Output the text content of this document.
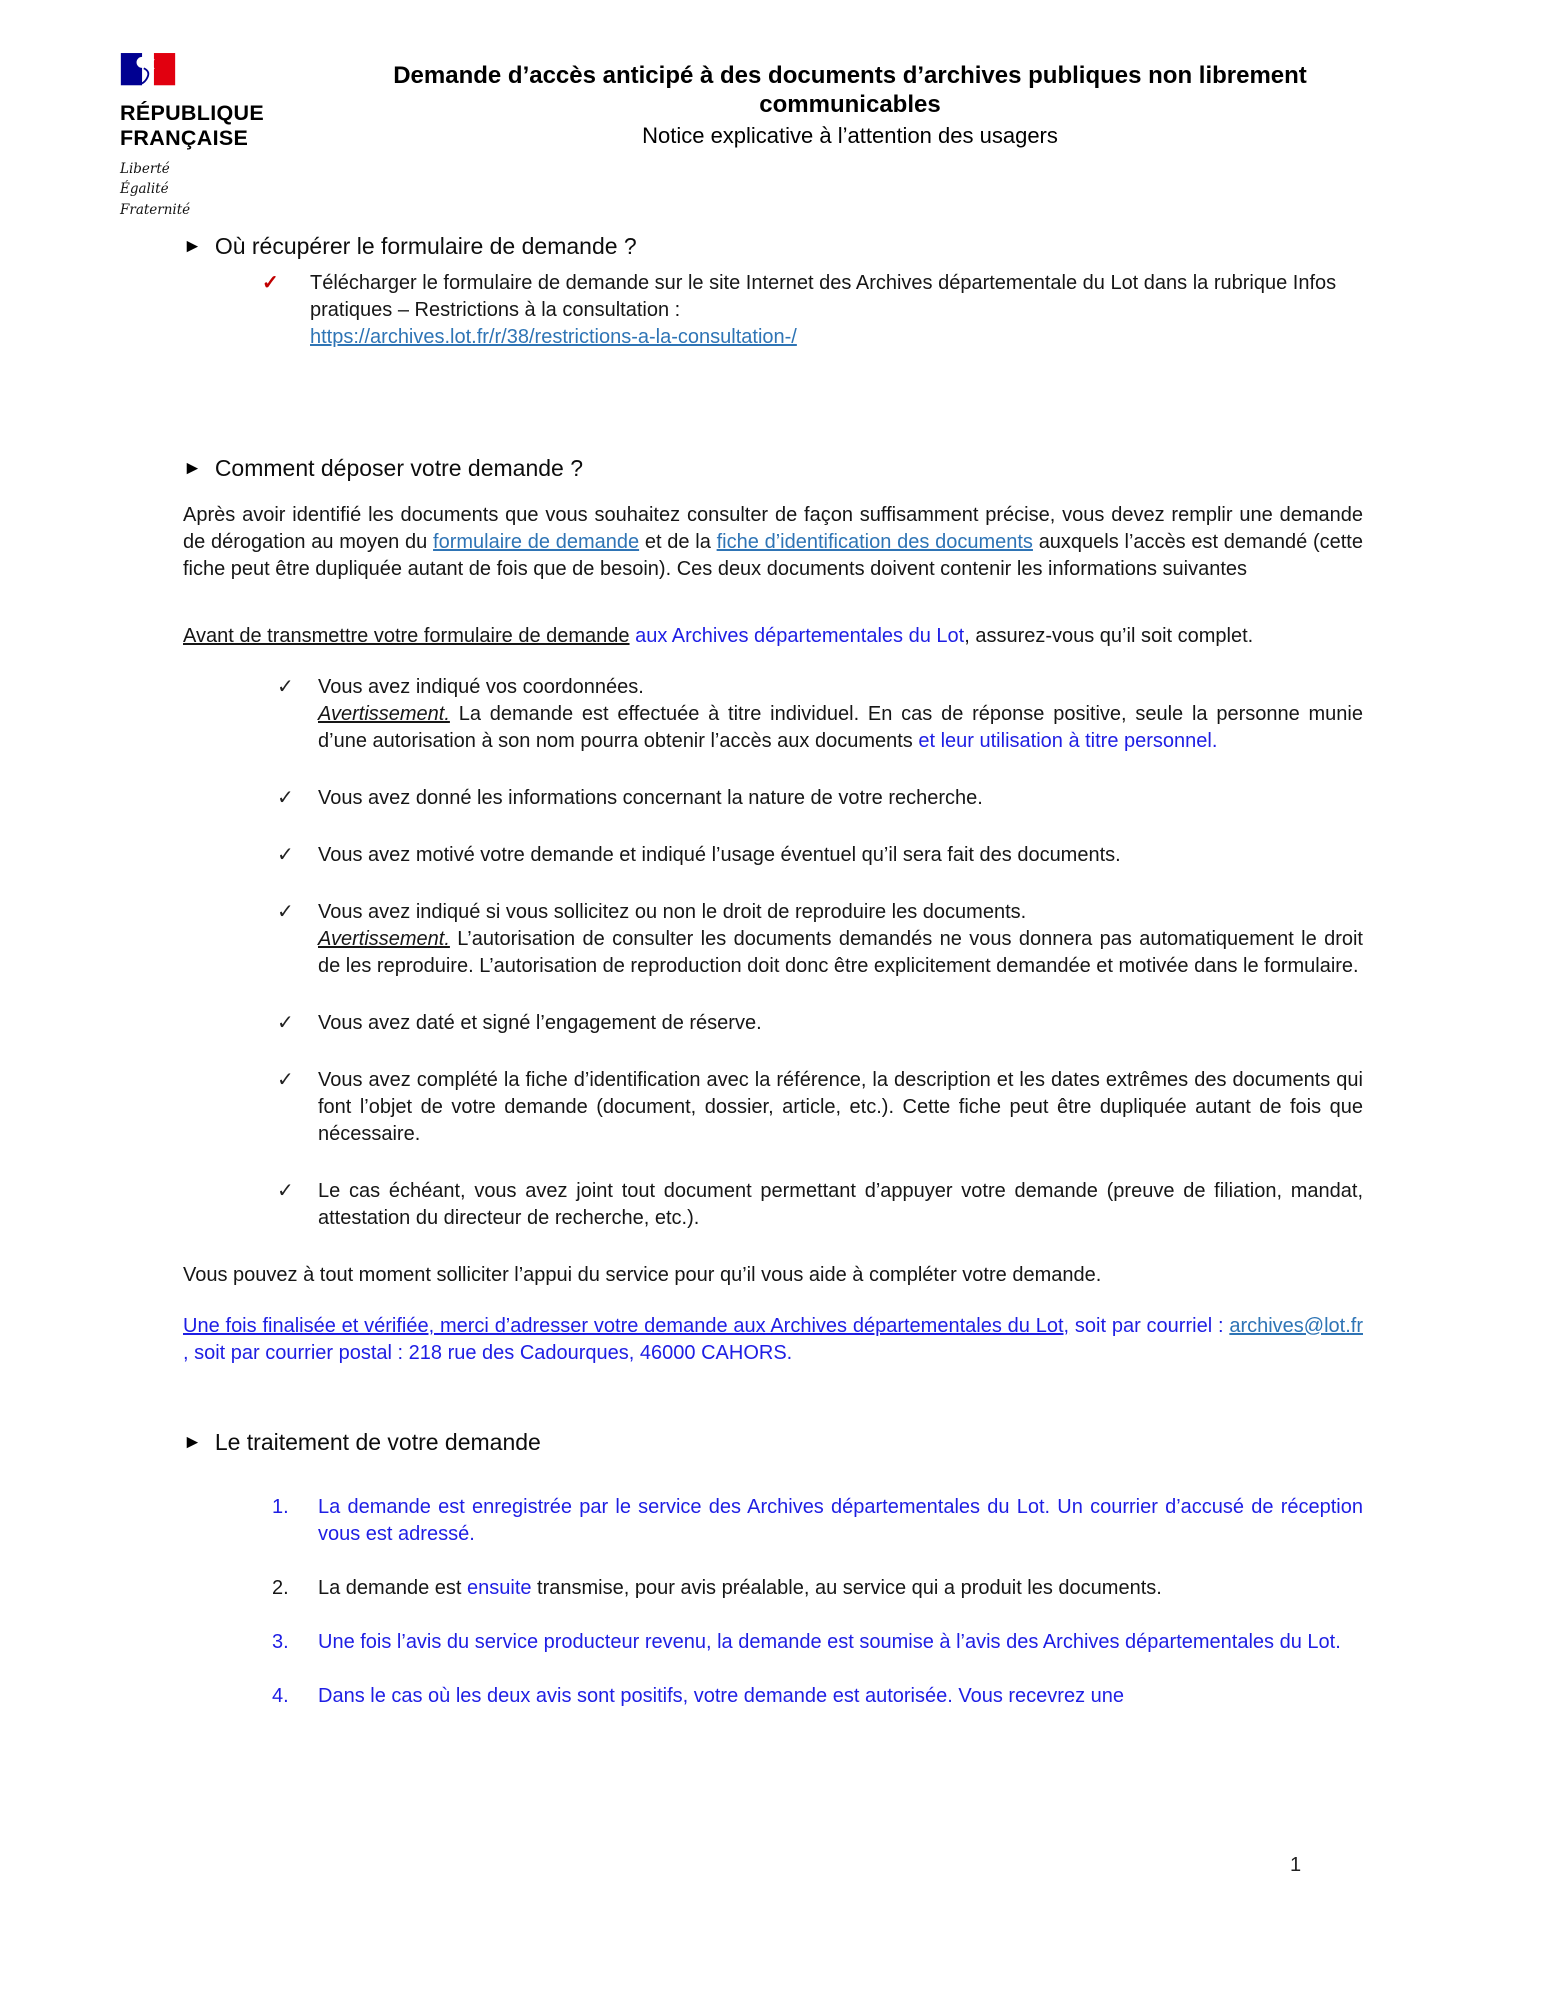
RÉPUBLIQUE
FRANÇAISE
Liberté
Égalité
Fraternité
Demande d’accès anticipé à des documents d’archives publiques non librement communicables
Notice explicative à l’attention des usagers
► Où récupérer le formulaire de demande ?
✓ Télécharger le formulaire de demande sur le site Internet des Archives départementale du Lot dans la rubrique Infos pratiques – Restrictions à la consultation :
https://archives.lot.fr/r/38/restrictions-a-la-consultation-/
► Comment déposer votre demande ?

Après avoir identifié les documents que vous souhaitez consulter de façon suffisamment précise, vous devez remplir une demande de dérogation au moyen du formulaire de demande et de la fiche d’identification des documents auxquels l’accès est demandé (cette fiche peut être dupliquée autant de fois que de besoin). Ces deux documents doivent contenir les informations suivantes

Avant de transmettre votre formulaire de demande aux Archives départementales du Lot, assurez-vous qu’il soit complet.

✓ Vous avez indiqué vos coordonnées.
Avertissement. La demande est effectuée à titre individuel. En cas de réponse positive, seule la personne munie d’une autorisation à son nom pourra obtenir l’accès aux documents et leur utilisation à titre personnel.
✓ Vous avez donné les informations concernant la nature de votre recherche.
✓ Vous avez motivé votre demande et indiqué l’usage éventuel qu’il sera fait des documents.
✓ Vous avez indiqué si vous sollicitez ou non le droit de reproduire les documents.
Avertissement. L’autorisation de consulter les documents demandés ne vous donnera pas automatiquement le droit de les reproduire. L’autorisation de reproduction doit donc être explicitement demandée et motivée dans le formulaire.
✓ Vous avez daté et signé l’engagement de réserve.
✓ Vous avez complété la fiche d’identification avec la référence, la description et les dates extrêmes des documents qui font l’objet de votre demande (document, dossier, article, etc.). Cette fiche peut être dupliquée autant de fois que nécessaire.
✓ Le cas échéant, vous avez joint tout document permettant d’appuyer votre demande (preuve de filiation, mandat, attestation du directeur de recherche, etc.).

Vous pouvez à tout moment solliciter l’appui du service pour qu’il vous aide à compléter votre demande.

Une fois finalisée et vérifiée, merci d’adresser votre demande aux Archives départementales du Lot, soit par courriel : archives@lot.fr , soit par courrier postal : 218 rue des Cadourques, 46000 CAHORS.

► Le traitement de votre demande
1. La demande est enregistrée par le service des Archives départementales du Lot. Un courrier d’accusé de réception vous est adressé.
2. La demande est ensuite transmise, pour avis préalable, au service qui a produit les documents.
3. Une fois l’avis du service producteur revenu, la demande est soumise à l’avis des Archives départementales du Lot.
4. Dans le cas où les deux avis sont positifs, votre demande est autorisée. Vous recevrez une
1
